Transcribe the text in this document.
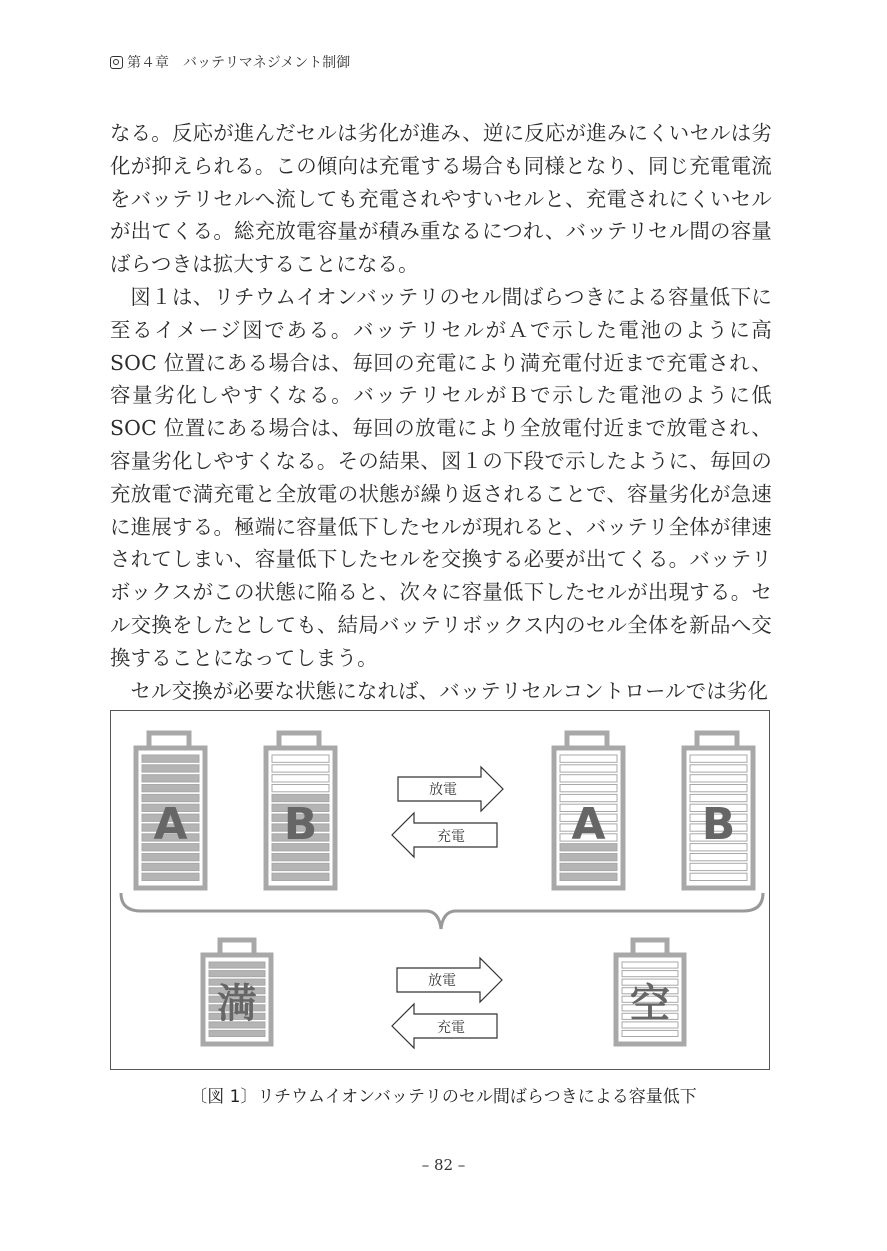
第４章　バッテリマネジメント制御

なる。反応が進んだセルは劣化が進み、逆に反応が進みにくいセルは劣化が抑えられる。この傾向は充電する場合も同様となり、同じ充電電流をバッテリセルへ流しても充電されやすいセルと、充電されにくいセルが出てくる。総充放電容量が積み重なるにつれ、バッテリセル間の容量ばらつきは拡大することになる。

図１は、リチウムイオンバッテリのセル間ばらつきによる容量低下に至るイメージ図である。バッテリセルがＡで示した電池のように高SOC 位置にある場合は、毎回の充電により満充電付近まで充電され、容量劣化しやすくなる。バッテリセルがＢで示した電池のように低SOC 位置にある場合は、毎回の放電により全放電付近まで放電され、容量劣化しやすくなる。その結果、図１の下段で示したように、毎回の充放電で満充電と全放電の状態が繰り返されることで、容量劣化が急速に進展する。極端に容量低下したセルが現れると、バッテリ全体が律速されてしまい、容量低下したセルを交換する必要が出てくる。バッテリボックスがこの状態に陥ると、次々に容量低下したセルが出現する。セル交換をしたとしても、結局バッテリボックス内のセル全体を新品へ交換することになってしまう。

セル交換が必要な状態になれば、バッテリセルコントロールでは劣化

A B	A B
放電
充電
満	空
放電
充電
〔図 1〕リチウムイオンバッテリのセル間ばらつきによる容量低下
– 82 –
